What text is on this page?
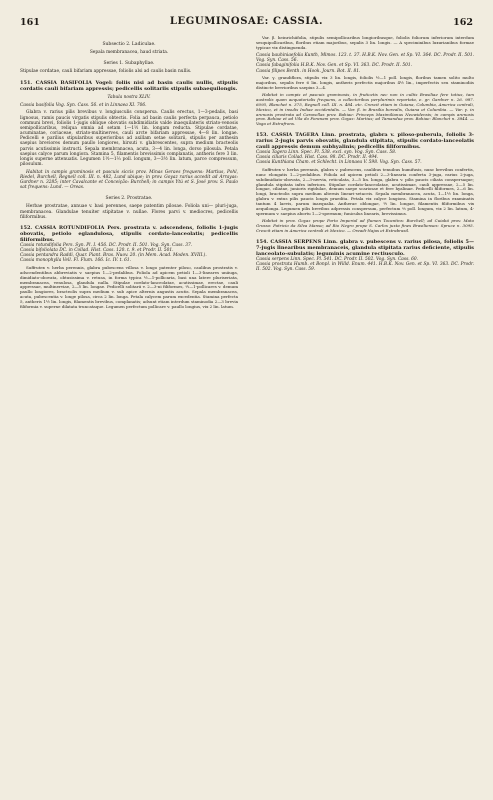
161	LEGUMINOSAE: CASSIA.	162
Subsectio 2. Ladiculae.
Sepala membranacea, haud striata.
Series 1. Subaphyllae.

Stipulae cordatae, cauli bifariam appressae, foliolis alsi ad caulis basin nullis.

151. CASSIA BASIFOLIA Vogel: foliis nisi ad basin caulis nullis, stipulis cordatis cauli bifariam appressis; pedicellis solitariis stipulis subaequilongis.

Tabula nostra XLIV.

Cassia basifolia Vog. Syn. Cass. 56. et in Linnaea XI. 706.

Glabra v. rarius pilis brevibus v. longiusculis conspersa. Caulis erectus, 1—3-pedalis, basi lignosus, ramis paucis virgatis stipulis obtectis. Folia ad basin caulis perfecta perpauca, petiolo communi brevi, foliolis 1-jugis oblique obovatis subdimidiatis valde inaequilateris striato-venosis semipollicaribus, reliqua omnia ad setam 1—1½ lin. longam reducta. Stipulae cordatae, acuminatae, coriaceae, striato-multinerves, cauli arcte bifariam appressae, 4—8 lin. longae. Pedicelli e parilius stipularibus superioribus ad axillam setae solitarii, stipulis per anthesin saepius breviores demum paullo longiores, hirsuti v. glabrescentes, supra medium bracteolis parvis acutissimis instructi. Sepala membranacea, acuta, 3—4 lin. longa, dorso pilosula. Petala saepius calyce parum longiora. Stamina 5, filamentis brevissimis complanatis, antheris fere 3 lin. longis superne attenuatis. Legumen 1½—1⅔ poll. longum, 3—3½ lin. latum, parce compressum, pilosulum.

Habitat in campis graminosis et pascuis siccis prov. Minas Geraes frequens: Martius, Pohl, Riedel, Burchell, Regnell coll. III. n. 482, Lund ubique; in prov. Goyaz rarius accedit ad Arrayas: Gardner n. 3285; inter Cavalcante et Conceição: Burchell; in campis Ytú et S. José prov. S. Paulo sat frequens: Lund. — Oreas.

Series 2. Prostratae.

Herbae prostratae, annuae v. basi perennes, saepe patentim pilosae. Foliola uni— pluri-juga, membranacea. Glandulae tenuiter stipitatae v. nullae. Flores parvi v. mediocres, pedicellis filiformibus.

152. CASSIA ROTUNDIFOLIA Pers. prostrata v. adscendens, foliolis 1-jugis obovatis, petiolo eglandulosa, stipulis cordato-lanceolatis; pedicellis filiformibus.

Cassia rotundifolia Pers. Syn. Pl. I. 456. DC. Prodr. II. 501. Vog. Syn. Cass. 37.
Cassia bifoliolata DC. in Collad. Hist. Cass. 120. t. 9. et Prodr. II. 501.
Cassia pentandra Raddi, Quar. Piant. Bras. Nuov. 20. (in Mem. Acad. Moden. XVIII.).
Cassia monophylla Vell. Fl. Flum. 166. Ic. IV. t. 61.

Suffrutex v. herba perennis, glabra pubescens villosa v. longo patenter piloso, caulibus prostratis v. adscendentibus abbreviatis v. saepius 1—2-pedalibus. Foliola ad apicem petioli 1—3-lineares uniiuga, dimidiato-obovata, obtusissima v. retusa, in forma typica ½—1-pollicaria, basi una latere pluriseriata, membranacea, venulosa, glandula nulla. Stipulae cordato-lanceolatae, acutissimae, erectae, cauli appressae, multinerviae, 2—5 lin. longae. Pedicelli solitarii v. 2—3-ni filiformes, ⅓—1-pollicares v. demum paullo longiores, bracteolis supra medium v. sub apice alternis angustis acutis. Sepala membranacea, acuta, pubescentia v. longe pilosa, circa 2 lin. longa. Petala calycem parum excedentia. Stamina perfecta 5, antheris 1½ lin. longis, filamentis brevibus, complanatis; adsunt etiam interdum staminodia 2—3 brevia filiformia v. superne dilatata truncataque. Legumen perfectum pollicare v. paullo longius, vix 2 lin. latum.

Var. β. heinrichiifolia, stipulis semipollicaribus longioribusque, foliolis foliorum inferiorum interdum sesquipollicaribus, floribus etiam majoribus, sepalis 3 lin. longis. — A speciminibus luxurianibus formae typicae vix distinguenda.

Cassia bauhiniaefolia Kunth, Mimos. 123. t. 37. H.B.K. Nov. Gen. et Sp. VI. 364. DC. Prodr. II. 501. Vog. Syn. Cass. 56.
Cassia fabaginifolia H.B.K. Nov. Gen. et Sp. VI. 363. DC. Prodr. II. 501.
Cassia filipes Benth. in Hook. Journ. Bot. II. 81.

Var. γ. grandiflora, stipulis vix 3 lin. longis, foliolis ½—1 poll. longis, floribus tamen solito multo majoribus, sepalis fere 6 lin. longis, antheris perfectis majoribus 4½ lin., imperfectis seu staminodiis distincte brevioribus saepius 3—4.

Habitat in campis et pascuis graminosis, in fruticetis nec non in cultis Brasiliae fere totius, tam australis quam aequatorialis frequens, a collectoribus perplurimis reportata, e. gr. Gardner n. 26. 987. 6095, Blanchet n. 375, Regnell coll. III. n. 484. etc. Crescit etiam in Guiana, Columbia, America centrali, Mexico, et in insulis Indiae occidentalis. — Var. β. in Brasilia borealis, Guiana et Columbia. — Var. γ. in arenosis prostrata ad Caravellas prov. Bahiae: Princeps Maximilianus Neowidensis; in campis arenosis prov. Bahiae et ad Vila do Foranam prov. Goyaz: Martius; ad Tamandua prov. Bahiae: Blanchet n. 3844. — Vaga et Extrafrons.

153. CASSIA TAGERA Linn. prostrata, glabra v. piloso-puberula, foliolis 3- rarius 2-jugis parvis obovatis, glandula stipitata, stipulis cordato-lanceolatis cauli appressis demum subhyalinis; pedicellis filiformibus.

Cassia Tagera Linn. Spec. Pl. 538. excl. syn. Vog. Syn. Cass. 58.
Cassia ciliaris Collad. Hist. Cass. 98. DC. Prodr. II. 494.
Cassia Kunthiana Cham. et Schlecht. in Linnaea V. 598. Vog. Syn. Cass. 57.

Suffrutex v. herba perennis, glabra v. pubescens, caulibus tenuibus humifusis, nunc brevibus confertis, nunc elongatis 1—2-pedalibus. Foliola ad apicem petioli 2—3-linearia conferta 3-juga, rarius 2-juga, subdimidiato-obovata, 2—3-nervia, reticulata, 3—5 lin. longa, glabra v. pilis paucis ciliata conspersaque; glandula stipitata infra inferiora. Stipulae cordato-lanceolatae, acutissimae, cauli appressae, 2—5 lin. longae, ciliatae, junioris rigidulae, demum saepe scariosae et fere hyalinae. Pedicelli filiformes, 2—6 lin. longi, bracteolis supra medium alternis lineari-setaceis. Sepala membranacea, acuta, 1—1½ lin. longa, glabra v. extus pilis paucis longis praedita. Petala vix calyce longiora. Stamina in floribus examinatis tantum 4 laevis, parum inaequalia. Antherae oblongae, ½ lin. longae, filamentis filiformibus vix aequilonga. Legumen pilis brevibus adpressis conspersum, perfectum ⅔ poll. longum, vix 2 lin. latum, 4-spermum v. saepius abortu 1—2-spermum; funiculus linearis, brevissimus.

Habitat in prov. Goyaz prope Porto Imperial ad flumen Tocantins: Burchell; ad Cuiabá prov. Mato Grosso: Patricio da Silva Manso; ad Rio Negro prope S. Carlos juxta fines Brasilienses: Spruce n. 3095. Crescit etiam in America centrali et Mexico. — Oreadi-Najas et Extrabrasil.

154. CASSIA SERPENS Linn. glabra v. pubescens v. rarius pilosa, foliolis 5—7-jugis linearibus membranaceis, glandula stipitata rarius deficiente, stipulis lanceolato-subulatis; leguminis acumine rectiusculo.

Cassia serpens Linn. Spec. Pl. 541. DC. Prodr. II. 502. Vog. Syn. Cass. 60.
Cassia prostrata Humb. et Bonpl. in Willd. Enum. 441. H.B.K. Nov. Gen. et Sp. VI. 363. DC. Prodr. II. 502. Vog. Syn. Cass. 59.
